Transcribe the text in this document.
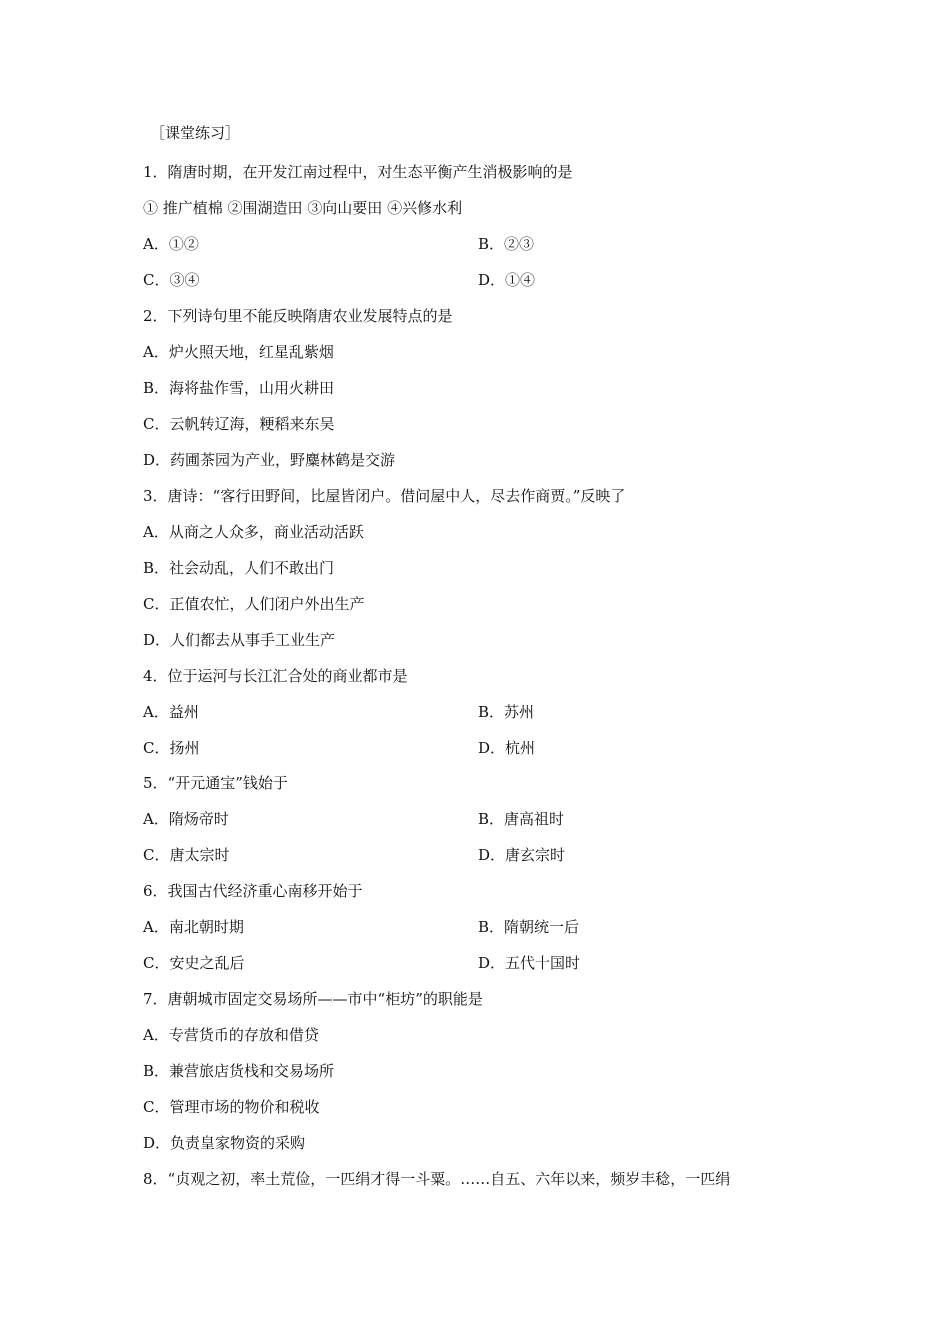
［课堂练习］
1．隋唐时期，在开发江南过程中，对生态平衡产生消极影响的是
① 推广植棉 ②围湖造田 ③向山要田 ④兴修水利
A．①②	B．②③
C．③④	D．①④
2．下列诗句里不能反映隋唐农业发展特点的是
A．炉火照天地，红星乱紫烟
B．海将盐作雪，山用火耕田
C．云帆转辽海，粳稻来东吴
D．药圃茶园为产业，野麋林鹤是交游
3．唐诗：“客行田野间，比屋皆闭户。借问屋中人，尽去作商贾。”反映了
A．从商之人众多，商业活动活跃
B．社会动乱，人们不敢出门
C．正值农忙，人们闭户外出生产
D．人们都去从事手工业生产
4．位于运河与长江汇合处的商业都市是
A．益州	B．苏州
C．扬州	D．杭州
5．“开元通宝”钱始于
A．隋炀帝时	B．唐高祖时
C．唐太宗时	D．唐玄宗时
6．我国古代经济重心南移开始于
A．南北朝时期	B．隋朝统一后
C．安史之乱后	D．五代十国时
7．唐朝城市固定交易场所——市中“柜坊”的职能是
A．专营货币的存放和借贷
B．兼营旅店货栈和交易场所
C．管理市场的物价和税收
D．负责皇家物资的采购
8．“贞观之初，率土荒俭，一匹绢才得一斗粟。……自五、六年以来，频岁丰稔，一匹绢
